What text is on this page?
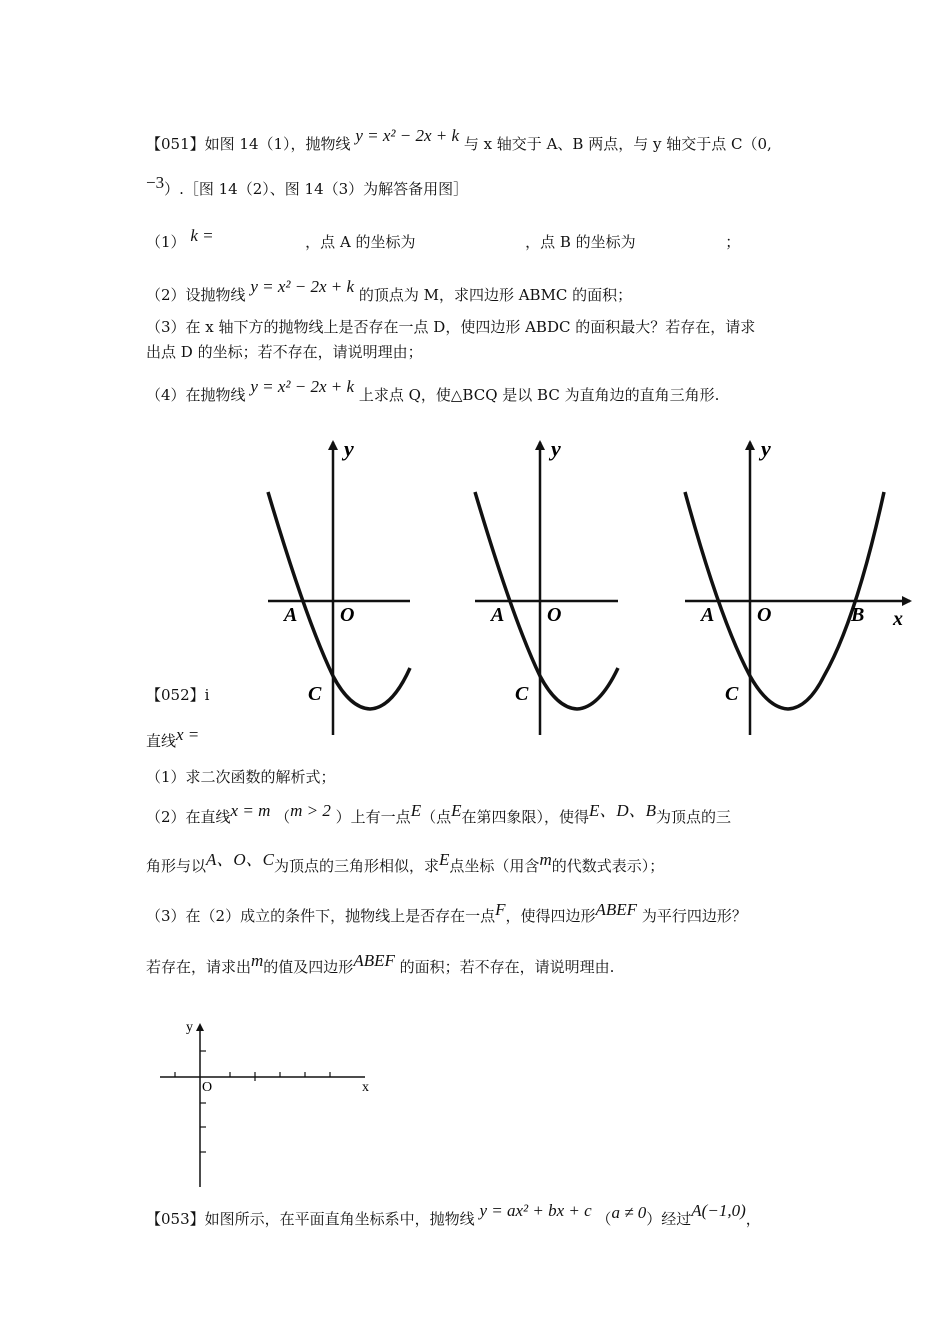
【051】如图 14（1），抛物线 y = x² − 2x + k 与 x 轴交于 A、B 两点，与 y 轴交于点 C（0,
−3）.［图 14（2）、图 14（3）为解答备用图］
（1） k =	，点 A 的坐标为	，点 B 的坐标为	；
（2）设抛物线 y = x² − 2x + k 的顶点为 M，求四边形 ABMC 的面积；
（3）在 x 轴下方的抛物线上是否存在一点 D，使四边形 ABDC 的面积最大？若存在，请求
出点 D 的坐标；若不存在，请说明理由；
（4）在抛物线 y = x² − 2x + k 上求点 Q，使△BCQ 是以 BC 为直角边的直角三角形.
y
A O
C
y
A O
C
y
A O	B x
C
【052】i
直线x =
（1）求二次函数的解析式；
（2）在直线x = m （m > 2 ）上有一点E（点E在第四象限），使得E、D、B为顶点的三
角形与以A、O、C为顶点的三角形相似，求E点坐标（用含m的代数式表示）；
（3）在（2）成立的条件下，抛物线上是否存在一点F，使得四边形ABEF 为平行四边形？
若存在，请求出m的值及四边形ABEF 的面积；若不存在，请说明理由.
y
O	x
【053】如图所示，在平面直角坐标系中，抛物线 y = ax² + bx + c （a ≠ 0）经过A(−1,0)，
